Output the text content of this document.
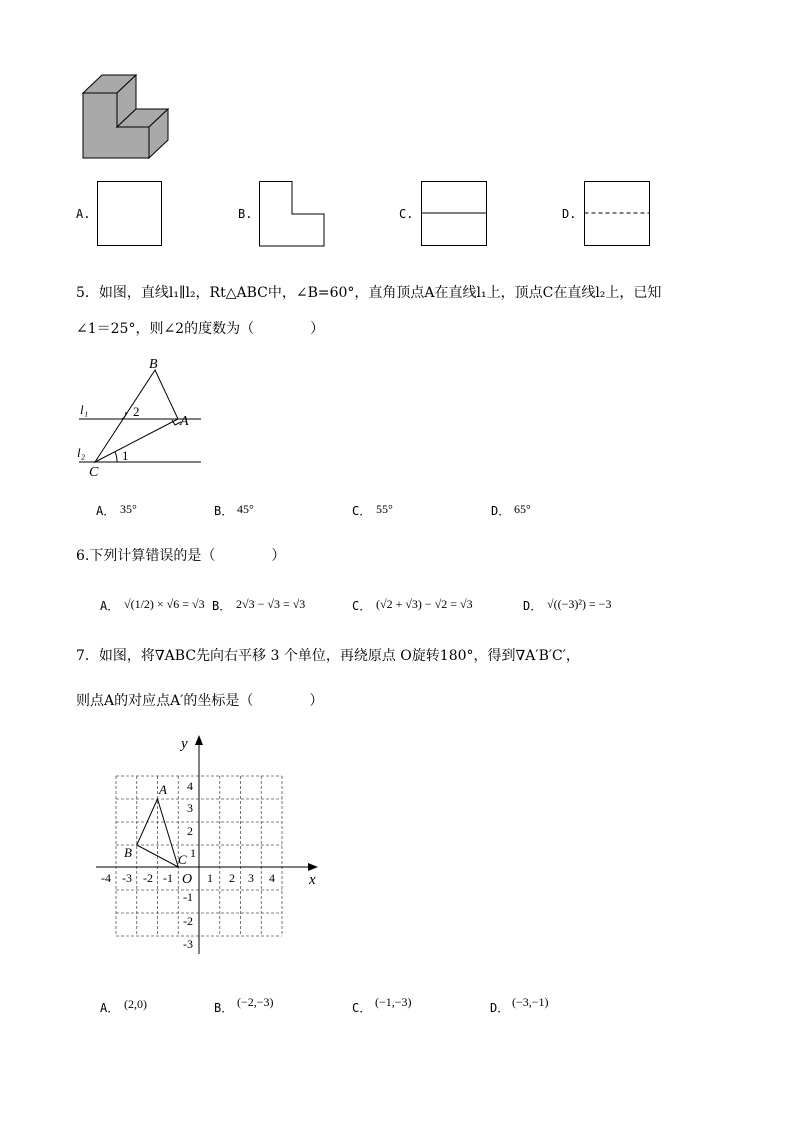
A.	B.	C.	D.
5．如图，直线l₁∥l₂，Rt△ABC中，∠B=60°，直角顶点A在直线l₁上，顶点C在直线l₂上，已知
∠1＝25°，则∠2的度数为（　　　　）
B
A
C
l₁
l₂	1
2
A． 35°	B． 45°	C． 55°	D． 65°
6.下列计算错误的是（　　　　）
A． √(1/2) × √6 = √3 B． 2√3 − √3 = √3	C． (√2 + √3) − √2 = √3	D． √((−3)²) = −3
7．如图，将∇ABC先向右平移 3 个单位，再绕原点 O旋转180°，得到∇A′B′C′，
则点A的对应点A′的坐标是（　　　　）
x
y
O
A
B	C
-4 -3 -2 -1	1 2 3 4
4
3
2
1
-1
-2
-3
A． (2,0)	B． (−2,−3)	C． (−1,−3)	D． (−3,−1)
